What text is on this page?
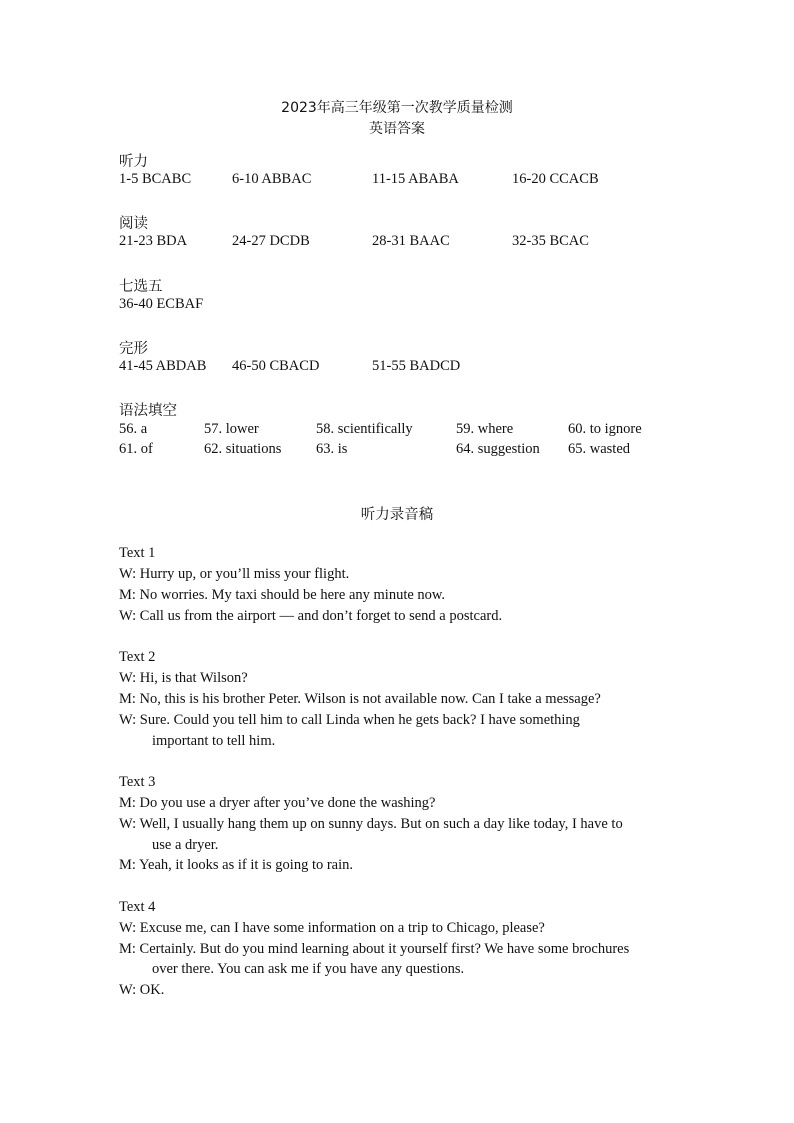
2023年高三年级第一次教学质量检测
英语答案
听力
1-5 BCABC	6-10 ABBAC	11-15 ABABA	16-20 CCACB
阅读
21-23 BDA	24-27 DCDB	28-31 BAAC	32-35 BCAC
七选五
36-40 ECBAF
完形
41-45 ABDAB 46-50 CBACD	51-55 BADCD
语法填空
56. a	57. lower	58. scientifically	59. where	60. to ignore
61. of	62. situations 63. is	64. suggestion 65. wasted
听力录音稿
Text 1
W: Hurry up, or you’ll miss your flight.
M: No worries. My taxi should be here any minute now.
W: Call us from the airport — and don’t forget to send a postcard.
Text 2
W: Hi, is that Wilson?
M: No, this is his brother Peter. Wilson is not available now. Can I take a message?
W: Sure. Could you tell him to call Linda when he gets back? I have something
important to tell him.
Text 3
M: Do you use a dryer after you’ve done the washing?
W: Well, I usually hang them up on sunny days. But on such a day like today, I have to
use a dryer.
M: Yeah, it looks as if it is going to rain.
Text 4
W: Excuse me, can I have some information on a trip to Chicago, please?
M: Certainly. But do you mind learning about it yourself first? We have some brochures
over there. You can ask me if you have any questions.
W: OK.
